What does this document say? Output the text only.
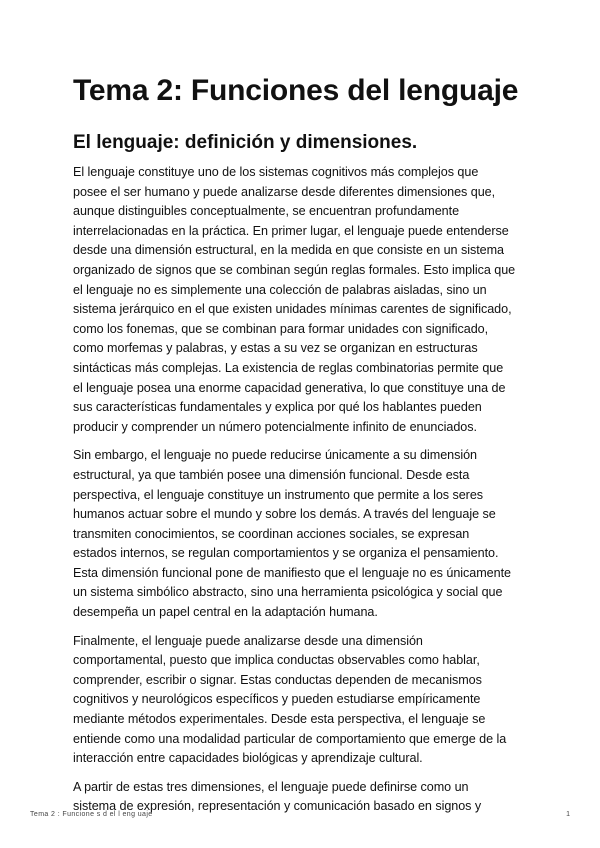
Tema 2: Funciones del lenguaje
El lenguaje: definición y dimensiones.

El lenguaje constituye uno de los sistemas cognitivos más complejos que
posee el ser humano y puede analizarse desde diferentes dimensiones que,
aunque distinguibles conceptualmente, se encuentran profundamente
interrelacionadas en la práctica. En primer lugar, el lenguaje puede entenderse
desde una dimensión estructural, en la medida en que consiste en un sistema
organizado de signos que se combinan según reglas formales. Esto implica que
el lenguaje no es simplemente una colección de palabras aisladas, sino un
sistema jerárquico en el que existen unidades mínimas carentes de significado,
como los fonemas, que se combinan para formar unidades con significado,
como morfemas y palabras, y estas a su vez se organizan en estructuras
sintácticas más complejas. La existencia de reglas combinatorias permite que
el lenguaje posea una enorme capacidad generativa, lo que constituye una de
sus características fundamentales y explica por qué los hablantes pueden
producir y comprender un número potencialmente infinito de enunciados.

Sin embargo, el lenguaje no puede reducirse únicamente a su dimensión
estructural, ya que también posee una dimensión funcional. Desde esta
perspectiva, el lenguaje constituye un instrumento que permite a los seres
humanos actuar sobre el mundo y sobre los demás. A través del lenguaje se
transmiten conocimientos, se coordinan acciones sociales, se expresan
estados internos, se regulan comportamientos y se organiza el pensamiento.
Esta dimensión funcional pone de manifiesto que el lenguaje no es únicamente
un sistema simbólico abstracto, sino una herramienta psicológica y social que
desempeña un papel central en la adaptación humana.

Finalmente, el lenguaje puede analizarse desde una dimensión
comportamental, puesto que implica conductas observables como hablar,
comprender, escribir o signar. Estas conductas dependen de mecanismos
cognitivos y neurológicos específicos y pueden estudiarse empíricamente
mediante métodos experimentales. Desde esta perspectiva, el lenguaje se
entiende como una modalidad particular de comportamiento que emerge de la
interacción entre capacidades biológicas y aprendizaje cultural.

A partir de estas tres dimensiones, el lenguaje puede definirse como un
sistema de expresión, representación y comunicación basado en signos y

Tema 2 : Funcione s d el l eng uaje	1
